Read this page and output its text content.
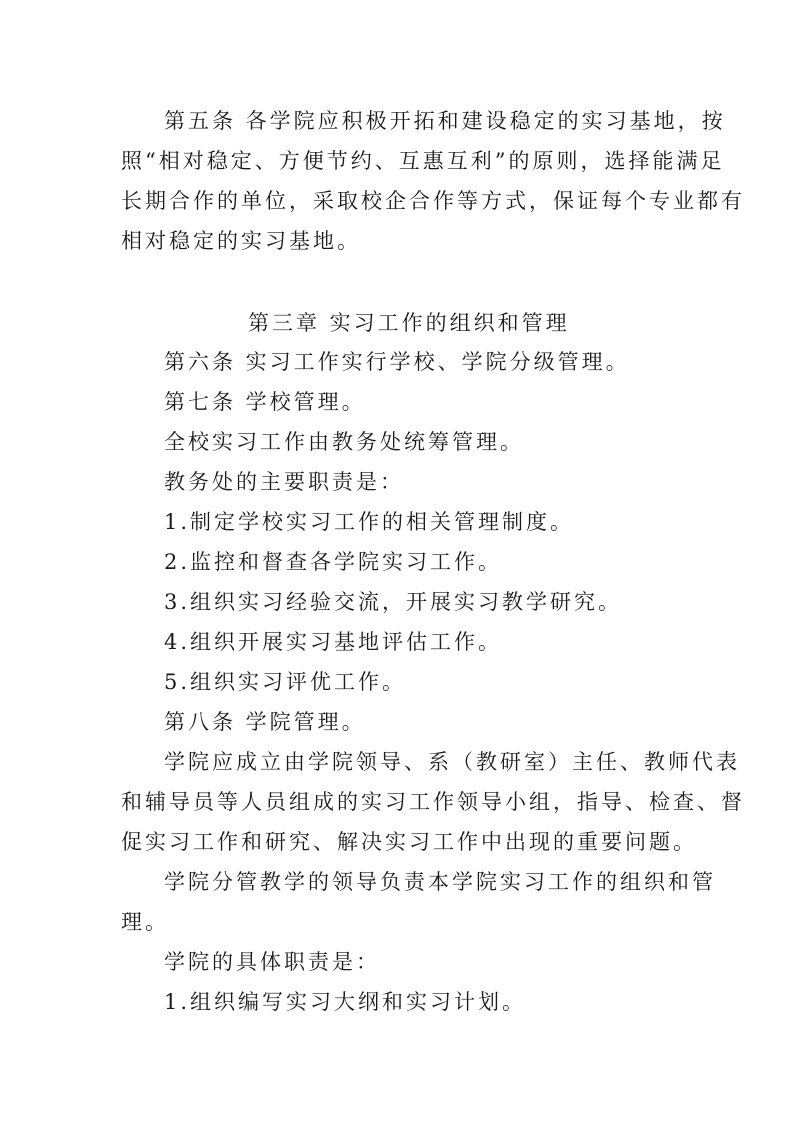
第五条 各学院应积极开拓和建设稳定的实习基地，按

照“相对稳定、方便节约、互惠互利”的原则，选择能满足

长期合作的单位，采取校企合作等方式，保证每个专业都有

相对稳定的实习基地。

第三章 实习工作的组织和管理

第六条 实习工作实行学校、学院分级管理。

第七条 学校管理。

全校实习工作由教务处统筹管理。

教务处的主要职责是：

1.制定学校实习工作的相关管理制度。

2.监控和督查各学院实习工作。

3.组织实习经验交流，开展实习教学研究。

4.组织开展实习基地评估工作。

5.组织实习评优工作。

第八条 学院管理。

学院应成立由学院领导、系（教研室）主任、教师代表

和辅导员等人员组成的实习工作领导小组，指导、检查、督

促实习工作和研究、解决实习工作中出现的重要问题。

学院分管教学的领导负责本学院实习工作的组织和管

理。

学院的具体职责是：

1.组织编写实习大纲和实习计划。
